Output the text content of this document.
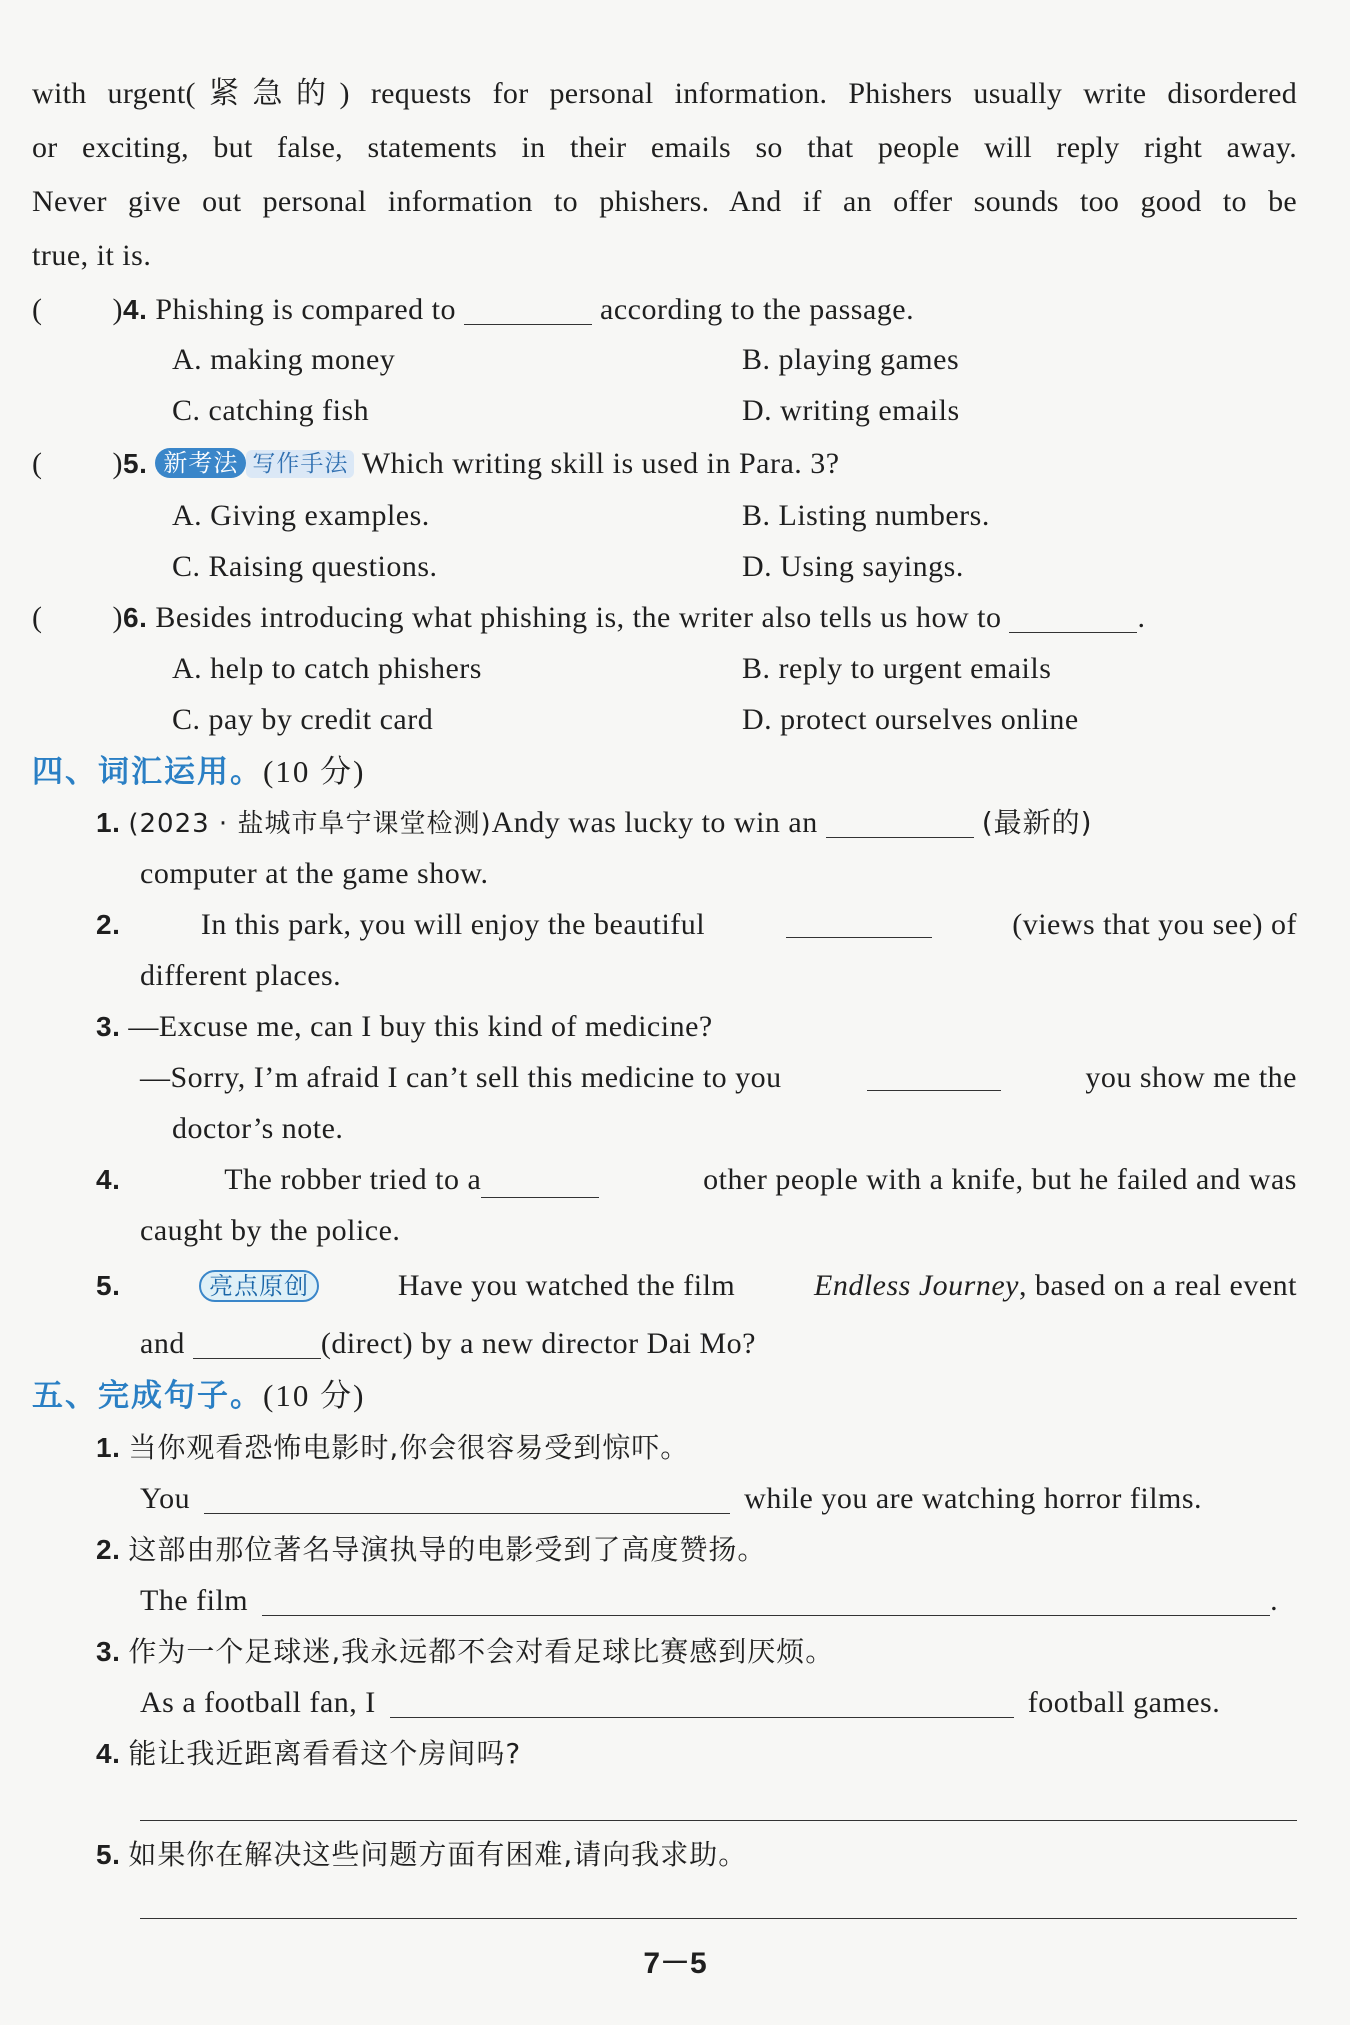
with urgent(紧急的) requests for personal information. Phishers usually write disordered
or exciting, but false, statements in their emails so that people will reply right away.
Never give out personal information to phishers. And if an offer sounds too good to be
true, it is.
( )4. Phishing is compared to	according to the passage.
A. making money	B. playing games
C. catching fish	D. writing emails
( )5. 新考法 写作手法 Which writing skill is used in Para. 3?
A. Giving examples.	B. Listing numbers.
C. Raising questions.	D. Using sayings.
( )6. Besides introducing what phishing is, the writer also tells us how to	.
A. help to catch phishers	B. reply to urgent emails
C. pay by credit card	D. protect ourselves online
四、词汇运用。(10 分)
1. (2023 · 盐城市阜宁课堂检测)Andy was lucky to win an	(最新的)
computer at the game show.
2.	In this park, you will enjoy the beautiful	(views that you see) of
different places.
3. —Excuse me, can I buy this kind of medicine?
—Sorry, I’m afraid I can’t sell this medicine to you	you show me the
doctor’s note.
4.	The robber tried to a	other people with a knife, but he failed and was
caught by the police.
5.	亮点原创	Have you watched the film	Endless Journey, based on a real event
and	(direct) by a new director Dai Mo?
五、完成句子。(10 分)
1. 当你观看恐怖电影时,你会很容易受到惊吓。
You	while you are watching horror films.
2. 这部由那位著名导演执导的电影受到了高度赞扬。
The film	.
3. 作为一个足球迷,我永远都不会对看足球比赛感到厌烦。
As a football fan, I	football games.
4. 能让我近距离看看这个房间吗?
5. 如果你在解决这些问题方面有困难,请向我求助。
7－5
